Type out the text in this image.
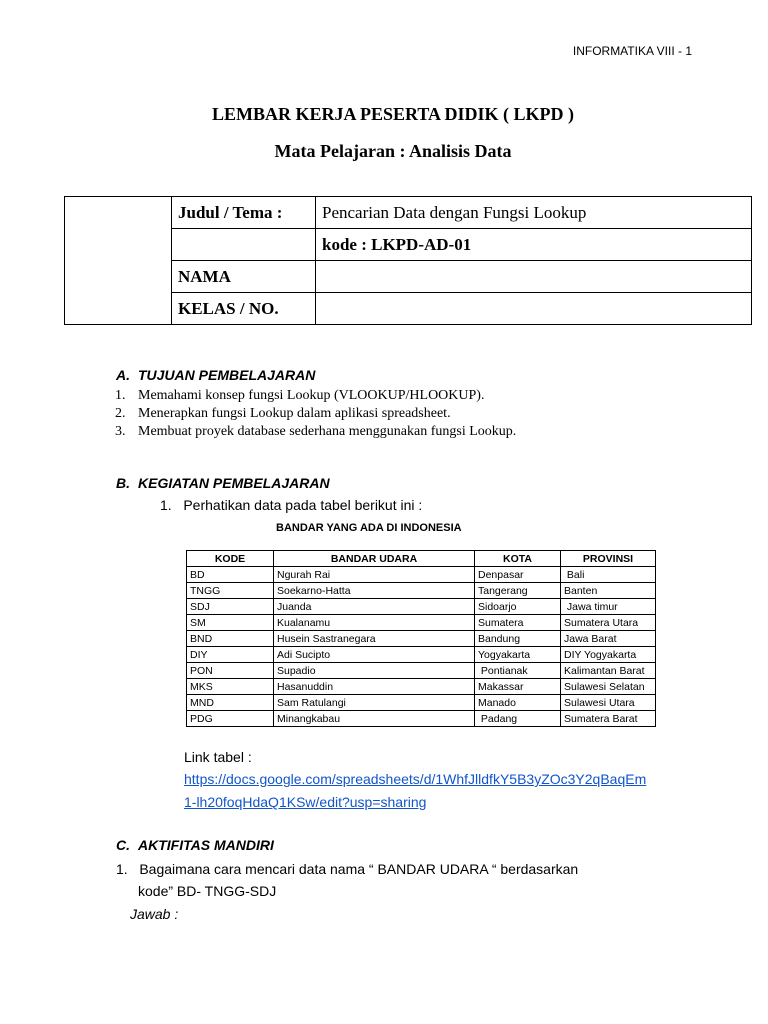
INFORMATIKA VIII - 1
LEMBAR KERJA PESERTA DIDIK ( LKPD )
Mata Pelajaran : Analisis Data
	Judul / Tema :	Pencarian Data dengan Fungsi Lookup
		kode : LKPD-AD-01
	NAMA	
	KELAS / NO.	
A. TUJUAN PEMBELAJARAN
1. Memahami konsep fungsi Lookup (VLOOKUP/HLOOKUP).
2. Menerapkan fungsi Lookup dalam aplikasi spreadsheet.
3. Membuat proyek database sederhana menggunakan fungsi Lookup.
B. KEGIATAN PEMBELAJARAN
1.   Perhatikan data pada tabel berikut ini :
BANDAR YANG ADA DI INDONESIA
KODE	BANDAR UDARA	KOTA	PROVINSI
BD	Ngurah Rai	Denpasar	Bali
TNGG	Soekarno-Hatta	Tangerang	Banten
SDJ	Juanda	Sidoarjo	Jawa timur
SM	Kualanamu	Sumatera	Sumatera Utara
BND	Husein Sastranegara	Bandung	Jawa Barat
DIY	Adi Sucipto	Yogyakarta	DIY Yogyakarta
PON	Supadio	Pontianak	Kalimantan Barat
MKS	Hasanuddin	Makassar	Sulawesi Selatan
MND	Sam Ratulangi	Manado	Sulawesi Utara
PDG	Minangkabau	Padang	Sumatera Barat
Link tabel :
https://docs.google.com/spreadsheets/d/1WhfJlldfkY5B3yZOc3Y2qBaqEm
1-lh20foqHdaQ1KSw/edit?usp=sharing
C. AKTIFITAS MANDIRI
1.   Bagaimana cara mencari data nama “ BANDAR UDARA “ berdasarkan
kode” BD- TNGG-SDJ
Jawab :
